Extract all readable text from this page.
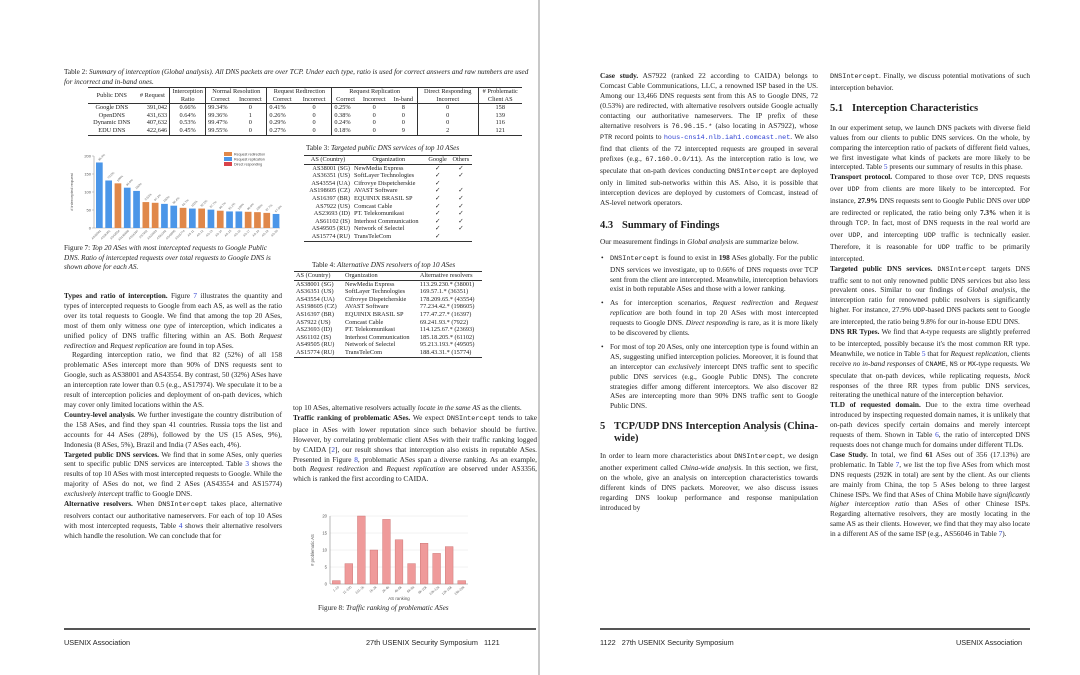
Table 2: Summary of interception (Global analysis). All DNS packets are over TCP. Under each type, ratio is used for correct answers and raw numbers are used for incorrect and in-band ones.
Public DNS	# Request	Interception Ratio	Normal Resolution		Request Redirection		Request Replication			Direct Responding	# Problematic Client AS
			Correct	Incorrect	Correct	Incorrect	Correct	Incorrect	In-band	Incorrect	
Google DNS	391,042	0.66%	99.34%	0	0.41%	0	0.25%	0	8	0	158
OpenDNS	431,633	0.64%	99.36%	1	0.26%	0	0.38%	0	0	0	139
Dynamic DNS	407,632	0.53%	99.47%	0	0.29%	0	0.24%	0	0	0	116
EDU DNS	422,646	0.45%	99.55%	0	0.27%	0	0.18%	0	9	2	121
0
50
100
150
200
# intercepted request
96.4%
AS38001
70.0%
AS36351
100%
AS43554
94.0%
AS198605
100%
AS16397
0.53%
AS7922
97.2%
AS23693
100%
AS61102
96.4%
AS49505
92.7%
AS15774
100%
AS-11
92.5%
AS-12
97.7%
AS-13
98.7%
AS-14
91.2%
AS-15
100%
AS-16
96.8%
AS-17
100%
AS-18
97.7%
AS-19
87.5%
AS-20
Request redirection
Request replication
Direct responding
Figure 7: Top 20 ASes with most intercepted requests to Google Public DNS. Ratio of intercepted requests over total requests to Google DNS is shown above for each AS.
Table 3: Targeted public DNS services of top 10 ASes
AS (Country)	Organization	Google	Others
AS38001 (SG)	NewMedia Express	✓	✓
AS36351 (US)	SoftLayer Technologies	✓	✓
AS43554 (UA)	Cifrovye Dispetcherskie	✓	
AS198605 (CZ)	AVAST Software	✓	✓
AS16397 (BR)	EQUINIX BRASIL SP	✓	✓
AS7922 (US)	Comcast Cable	✓	✓
AS23693 (ID)	PT. Telekomunikasi	✓	✓
AS61102 (IS)	Interhost Communication	✓	✓
AS49505 (RU)	Network of Selectel	✓	✓
AS15774 (RU)	TransTeleCom	✓	
Table 4: Alternative DNS resolvers of top 10 ASes
AS (Country)	Organization	Alternative resolvers
AS38001 (SG)	NewMedia Express	113.29.230.* (38001)
AS36351 (US)	SoftLayer Technologies	169.57.1.* (36351)
AS43554 (UA)	Cifrovye Dispetcherskie	178.209.65.* (43554)
AS198605 (CZ)	AVAST Software	77.234.42.* (198605)
AS16397 (BR)	EQUINIX BRASIL SP	177.47.27.* (16397)
AS7922 (US)	Comcast Cable	69.241.93.* (7922)
AS23693 (ID)	PT. Telekomunikasi	114.125.67.* (23693)
AS61102 (IS)	Interhost Communication	185.18.205.* (61102)
AS49505 (RU)	Network of Selectel	95.213.193.* (49505)
AS15774 (RU)	TransTeleCom	188.43.31.* (15774)

Types and ratio of interception. Figure 7 illustrates the quantity and types of intercepted requests to Google from each AS, as well as the ratio over its total requests to Google. We find that among the top 20 ASes, most of them only witness one type of interception, which indicates a unified policy of DNS traffic filtering within an AS. Both Request redirection and Request replication are found in top ASes.

Regarding interception ratio, we find that 82 (52%) of all 158 problematic ASes intercept more than 90% of DNS requests sent to Google, such as AS38001 and AS43554. By contrast, 50 (32%) ASes have an interception rate lower than 0.5 (e.g., AS17974). We speculate it to be a result of interception policies and deployment of on-path devices, which may cover only limited locations within the AS.

Country-level analysis. We further investigate the country distribution of the 158 ASes, and find they span 41 countries. Russia tops the list and accounts for 44 ASes (28%), followed by the US (15 ASes, 9%), Indonesia (8 ASes, 5%), Brazil and India (7 ASes each, 4%).

Targeted public DNS services. We find that in some ASes, only queries sent to specific public DNS services are intercepted. Table 3 shows the results of top 10 ASes with most intercepted requests to Google. While the majority of ASes do not, we find 2 ASes (AS43554 and AS15774) exclusively intercept traffic to Google DNS.

Alternative resolvers. When DNSIntercept takes place, alternative resolvers contact our authoritative nameservers. For each of top 10 ASes with most intercepted requests, Table 4 shows their alternative resolvers which handle the resolution. We can conclude that for

top 10 ASes, alternative resolvers actually locate in the same AS as the clients.

Traffic ranking of problematic ASes. We expect DNSIntercept tends to take place in ASes with lower reputation since such behavior should be furtive. However, by correlating problematic client ASes with their traffic ranking logged by CAIDA [2], our result shows that interception also exists in reputable ASes. Presented in Figure 8, problematic ASes span a diverse ranking. As an example, both Request redirection and Request replication are observed under AS3356, which is ranked the first according to CAIDA.

0
5
10
15
20
# problematic AS
1-10 11-100 101-1k 1k-2k 2k-4k 4k-6k 6k-8k 8k-10k 10k-12k 12k-15k 15k-20k
AS ranking
Figure 8: Traffic ranking of problematic ASes
USENIX Association	27th USENIX Security Symposium   1121

Case study. AS7922 (ranked 22 according to CAIDA) belongs to Comcast Cable Communications, LLC, a renowned ISP based in the US. Among our 13,466 DNS requests sent from this AS to Google DNS, 72 (0.53%) are redirected, with alternative resolvers outside Google actually contacting our authoritative nameservers. The IP prefix of these alternative resolvers is 76.96.15.* (also locating in AS7922), whose PTR record points to hous-cns14.nlb.iah1.comcast.net. We also find that clients of the 72 intercepted requests are grouped in several prefixes (e.g., 67.160.0.0/11). As the interception ratio is low, we speculate that on-path devices conducting DNSIntercept are deployed only in limited sub-networks within this AS. Also, it is possible that interception devices are deployed by customers of Comcast, instead of AS-level network operators.

4.3 Summary of Findings

Our measurement findings in Global analysis are summarize below.

• DNSIntercept is found to exist in 198 ASes globally. For the public DNS services we investigate, up to 0.66% of DNS requests over TCP sent from the client are intercepted. Meanwhile, interception behaviors exist in both reputable ASes and those with a lower ranking.
• As for interception scenarios, Request redirection and Request replication are both found in top 20 ASes with most intercepted requests to Google DNS. Direct responding is rare, as it is more likely to be discovered by clients.
• For most of top 20 ASes, only one interception type is found within an AS, suggesting unified interception policies. Moreover, it is found that an interceptor can exclusively intercept DNS traffic sent to specific public DNS services (e.g., Google Public DNS). The concrete strategies differ among different interceptors. We also discover 82 ASes are intercepting more than 90% DNS traffic sent to Google Public DNS.
5 TCP/UDP DNS Interception Analysis (China-wide)

In order to learn more characteristics about DNSIntercept, we design another experiment called China-wide analysis. In this section, we first, on the whole, give an analysis on interception characteristics towards different kinds of DNS packets. Moreover, we also discuss issues regarding DNS lookup performance and response manipulation introduced by

DNSIntercept. Finally, we discuss potential motivations of such interception behavior.

5.1 Interception Characteristics

In our experiment setup, we launch DNS packets with diverse field values from our clients to public DNS services. On the whole, by comparing the interception ratio of packets of different field values, we first investigate what kinds of packets are more likely to be intercepted. Table 5 presents our summary of results in this phase.

Transport protocol. Compared to those over TCP, DNS requests over UDP from clients are more likely to be intercepted. For instance, 27.9% DNS requests sent to Google Public DNS over UDP are redirected or replicated, the ratio being only 7.3% when it is through TCP. In fact, most of DNS requests in the real world are over UDP, and intercepting UDP traffic is technically easier. Therefore, it is reasonable for UDP traffic to be primarily intercepted.

Targeted public DNS services. DNSIntercept targets DNS traffic sent to not only renowned public DNS services but also less prevalent ones. Similar to our findings of Global analysis, the interception ratio for renowned public resolvers is significantly higher. For instance, 27.9% UDP-based DNS packets sent to Google are intercepted, the ratio being 9.8% for our in-house EDU DNS.

DNS RR Types. We find that A-type requests are slightly preferred to be intercepted, possibly because it's the most common RR type. Meanwhile, we notice in Table 5 that for Request replication, clients receive no in-band responses of CNAME, NS or MX-type requests. We speculate that on-path devices, while replicating requests, block responses of the three RR types from public DNS services, reiterating the unethical nature of the interception behavior.

TLD of requested domain. Due to the extra time overhead introduced by inspecting requested domain names, it is unlikely that on-path devices specify certain domains and merely intercept requests of them. Shown in Table 6, the ratio of intercepted DNS requests does not change much for domains under different TLDs.

Case Study. In total, we find 61 ASes out of 356 (17.13%) are problematic. In Table 7, we list the top five ASes from which most DNS requests (292K in total) are sent by the client. As our clients are mainly from China, the top 5 ASes belong to three largest Chinese ISPs. We find that ASes of China Mobile have significantly higher interception ratio than ASes of other Chinese ISPs. Regarding alternative resolvers, they are mostly locating in the same AS as their clients. However, we find that they may also locate in a different AS of the same ISP (e.g., AS56046 in Table 7).

1122   27th USENIX Security Symposium	USENIX Association
